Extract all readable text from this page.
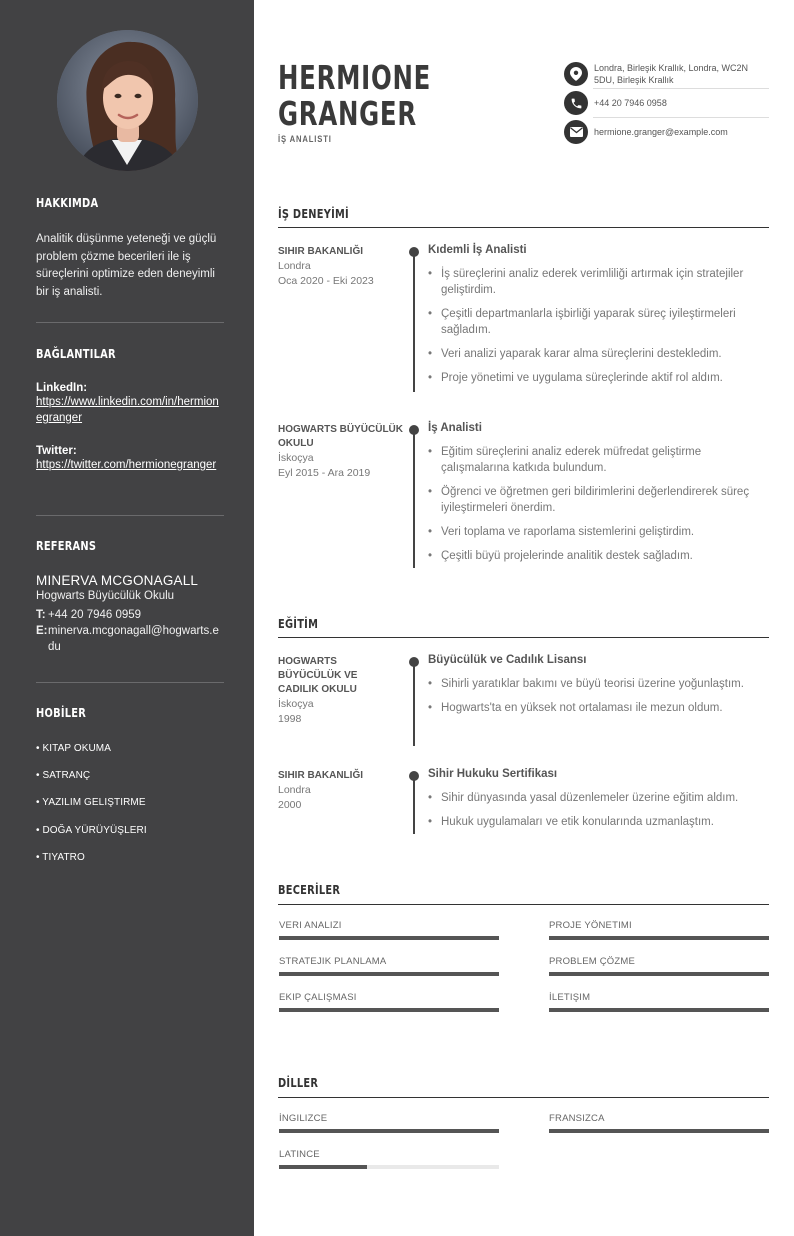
HAKKIMDA
Analitik düşünme yeteneği ve güçlü problem çözme becerileri ile iş süreçlerini optimize eden deneyimli bir iş analisti.
BAĞLANTILAR
LinkedIn:
https://www.linkedin.com/in/hermionegranger
Twitter:
https://twitter.com/hermionegranger
REFERANS
MINERVA MCGONAGALL
Hogwarts Büyücülük Okulu
T: +44 20 7946 0959
E: minerva.mcgonagall@hogwarts.edu
HOBİLER
• KITAP OKUMA
• SATRANÇ
• YAZILIM GELIŞTIRME
• DOĞA YÜRÜYÜŞLERI
• TIYATRO
HERMIONE
GRANGER
İŞ ANALISTI
Londra, Birleşik Krallık, Londra, WC2N 5DU, Birleşik Krallık
+44 20 7946 0958
hermione.granger@example.com
İŞ DENEYİMİ
SIHIR BAKANLIĞI
Londra
Oca 2020 - Eki 2023
Kıdemli İş Analisti
• İş süreçlerini analiz ederek verimliliği artırmak için stratejiler geliştirdim.
• Çeşitli departmanlarla işbirliği yaparak süreç iyileştirmeleri sağladım.
• Veri analizi yaparak karar alma süreçlerini destekledim.
• Proje yönetimi ve uygulama süreçlerinde aktif rol aldım.
HOGWARTS BÜYÜCÜLÜK OKULU
İskoçya
Eyl 2015 - Ara 2019
İş Analisti
• Eğitim süreçlerini analiz ederek müfredat geliştirme çalışmalarına katkıda bulundum.
• Öğrenci ve öğretmen geri bildirimlerini değerlendirerek süreç iyileştirmeleri önerdim.
• Veri toplama ve raporlama sistemlerini geliştirdim.
• Çeşitli büyü projelerinde analitik destek sağladım.
EĞİTİM
HOGWARTS BÜYÜCÜLÜK VE CADILIK OKULU
İskoçya
1998
Büyücülük ve Cadılık Lisansı
• Sihirli yaratıklar bakımı ve büyü teorisi üzerine yoğunlaştım.
• Hogwarts'ta en yüksek not ortalaması ile mezun oldum.
SIHIR BAKANLIĞI
Londra
2000
Sihir Hukuku Sertifikası
• Sihir dünyasında yasal düzenlemeler üzerine eğitim aldım.
• Hukuk uygulamaları ve etik konularında uzmanlaştım.
BECERİLER
VERI ANALIZI	PROJE YÖNETIMI
STRATEJIK PLANLAMA	PROBLEM ÇÖZME
EKIP ÇALIŞMASI	İLETIŞIM
DİLLER
İNGILIZCE	FRANSIZCA
LATINCE
